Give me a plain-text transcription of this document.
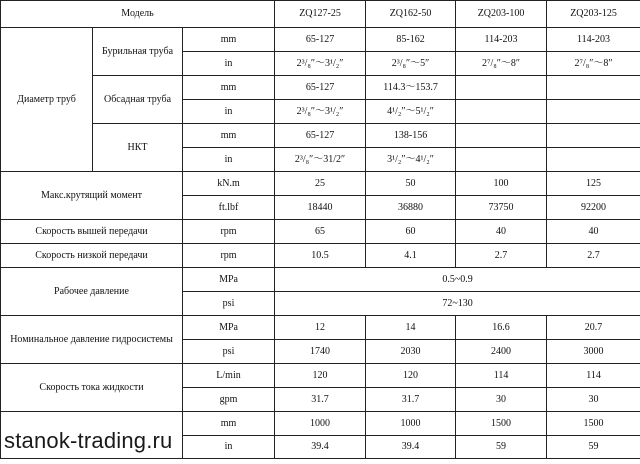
Модель			ZQ127-25	ZQ162-50	ZQ203-100	ZQ203-125
Диаметр труб	Бурильная труба	mm	65-127	85-162	114-203	114-203
		in	2³/₈″～3¹/₂″	2³/₈″～5″	2⁷/₈″～8″	2⁷/₈″～8″
	Обсадная труба	mm	65-127	114.3～153.7		
		in	2³/₈″～3¹/₂″	4¹/₂″～5¹/₂″		
	НКТ	mm	65-127	138-156		
		in	2³/₈″～31/2″	3¹/₂″～4¹/₂″		
Макс.крутящий момент		kN.m	25	50	100	125
		ft.lbf	18440	36880	73750	92200
Скорость вышей передачи		rpm	65	60	40	40
Скорость низкой передачи		rpm	10.5	4.1	2.7	2.7
Рабочее давление		MPa	0.5~0.9			
		psi	72~130			
Номинальное давление гидросистемы		MPa	12	14	16.6	20.7
		psi	1740	2030	2400	3000
Скорость тока жидкости		L/min	120	120	114	114
		gpm	31.7	31.7	30	30
		mm	1000	1000	1500	1500
		in	39.4	39.4	59	59
stanok-trading.ru
